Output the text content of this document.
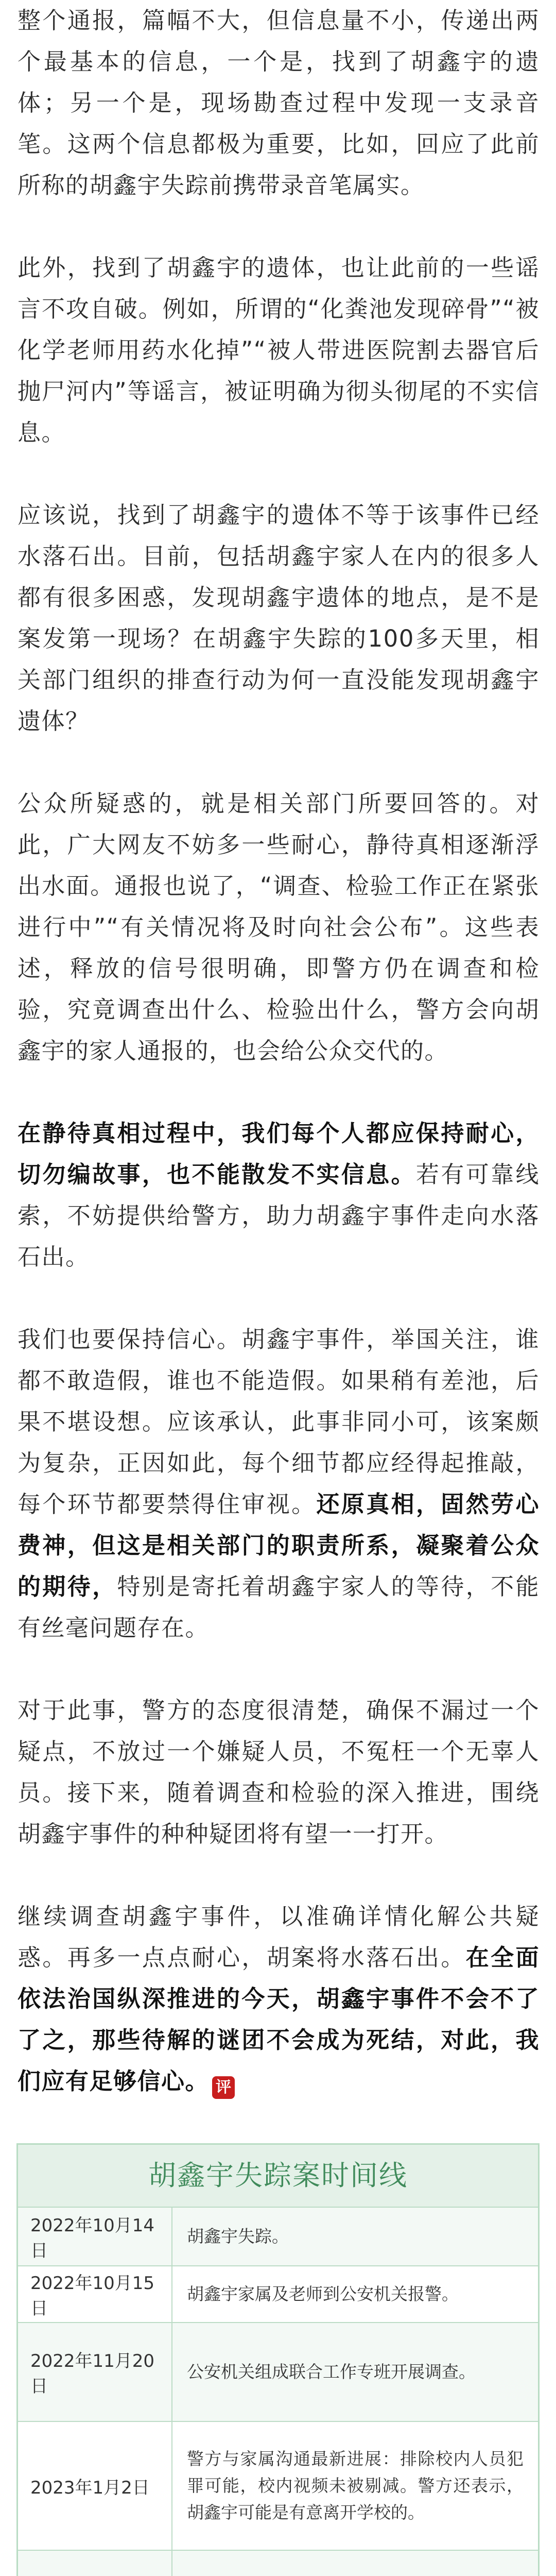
整个通报，篇幅不大，但信息量不小，传递出两个最基本的信息，一个是，找到了胡鑫宇的遗体；另一个是，现场勘查过程中发现一支录音笔。这两个信息都极为重要，比如，回应了此前所称的胡鑫宇失踪前携带录音笔属实。

此外，找到了胡鑫宇的遗体，也让此前的一些谣言不攻自破。例如，所谓的“化粪池发现碎骨”“被化学老师用药水化掉”“被人带进医院割去器官后抛尸河内”等谣言，被证明确为彻头彻尾的不实信息。

应该说，找到了胡鑫宇的遗体不等于该事件已经水落石出。目前，包括胡鑫宇家人在内的很多人都有很多困惑，发现胡鑫宇遗体的地点，是不是案发第一现场？在胡鑫宇失踪的100多天里，相关部门组织的排查行动为何一直没能发现胡鑫宇遗体？

公众所疑惑的，就是相关部门所要回答的。对此，广大网友不妨多一些耐心，静待真相逐渐浮出水面。通报也说了，“调查、检验工作正在紧张进行中”“有关情况将及时向社会公布”。这些表述，释放的信号很明确，即警方仍在调查和检验，究竟调查出什么、检验出什么，警方会向胡鑫宇的家人通报的，也会给公众交代的。

在静待真相过程中，我们每个人都应保持耐心，切勿编故事，也不能散发不实信息。若有可靠线索，不妨提供给警方，助力胡鑫宇事件走向水落石出。

我们也要保持信心。胡鑫宇事件，举国关注，谁都不敢造假，谁也不能造假。如果稍有差池，后果不堪设想。应该承认，此事非同小可，该案颇为复杂，正因如此，每个细节都应经得起推敲，每个环节都要禁得住审视。还原真相，固然劳心费神，但这是相关部门的职责所系，凝聚着公众的期待，特别是寄托着胡鑫宇家人的等待，不能有丝毫问题存在。

对于此事，警方的态度很清楚，确保不漏过一个疑点，不放过一个嫌疑人员，不冤枉一个无辜人员。接下来，随着调查和检验的深入推进，围绕胡鑫宇事件的种种疑团将有望一一打开。

继续调查胡鑫宇事件，以准确详情化解公共疑惑。再多一点点耐心，胡案将水落石出。在全面依法治国纵深推进的今天，胡鑫宇事件不会不了了之，那些待解的谜团不会成为死结，对此，我们应有足够信心。 评

胡鑫宇失踪案时间线
2022年10月14日
胡鑫宇失踪。
2022年10月15日
胡鑫宇家属及老师到公安机关报警。
2022年11月20日
公安机关组成联合工作专班开展调查。
2023年1月2日
警方与家属沟通最新进展：排除校内人员犯罪可能，校内视频未被剔减。警方还表示，胡鑫宇可能是有意离开学校的。
